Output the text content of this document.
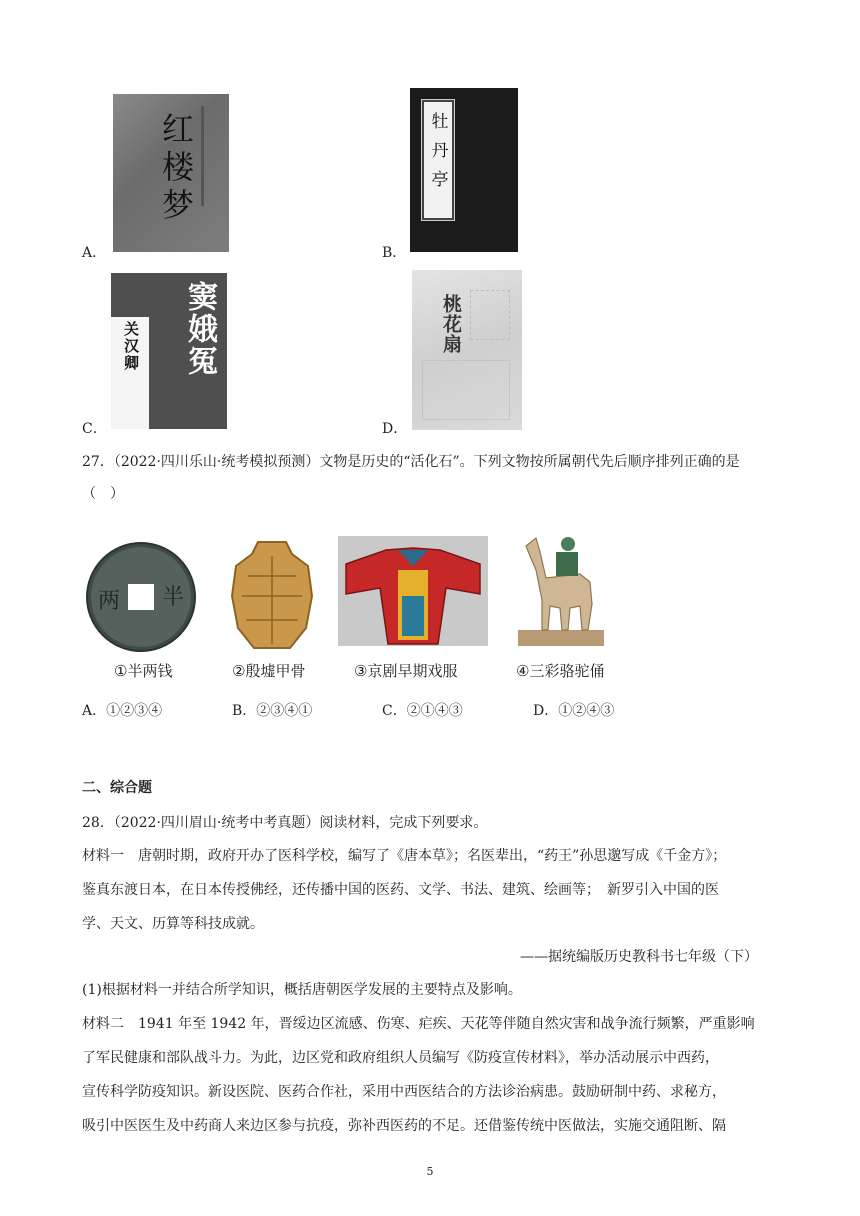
A．
红楼梦
B．
牡丹亭
C．
关汉卿 窦娥冤
D．
桃花扇
27．（2022·四川乐山·统考模拟预测）文物是历史的“活化石”。下列文物按所属朝代先后顺序排列正确的是
（　）
半
两
①半两钱	②殷墟甲骨	③京剧早期戏服	④三彩骆驼俑
A．①②③④	B．②③④①	C．②①④③	D．①②④③
二、综合题
28．（2022·四川眉山·统考中考真题）阅读材料，完成下列要求。
材料一　唐朝时期，政府开办了医科学校，编写了《唐本草》；名医辈出，“药王”孙思邈写成《千金方》；
鉴真东渡日本，在日本传授佛经，还传播中国的医药、文学、书法、建筑、绘画等；　新罗引入中国的医
学、天文、历算等科技成就。
——据统编版历史教科书七年级（下）
(1)根据材料一并结合所学知识，概括唐朝医学发展的主要特点及影响。
材料二　1941 年至 1942 年，晋绥边区流感、伤寒、疟疾、天花等伴随自然灾害和战争流行频繁，严重影响
了军民健康和部队战斗力。为此，边区党和政府组织人员编写《防疫宣传材料》，举办活动展示中西药，
宣传科学防疫知识。新设医院、医药合作社，采用中西医结合的方法诊治病患。鼓励研制中药、求秘方，
吸引中医医生及中药商人来边区参与抗疫，弥补西医药的不足。还借鉴传统中医做法，实施交通阻断、隔
5
